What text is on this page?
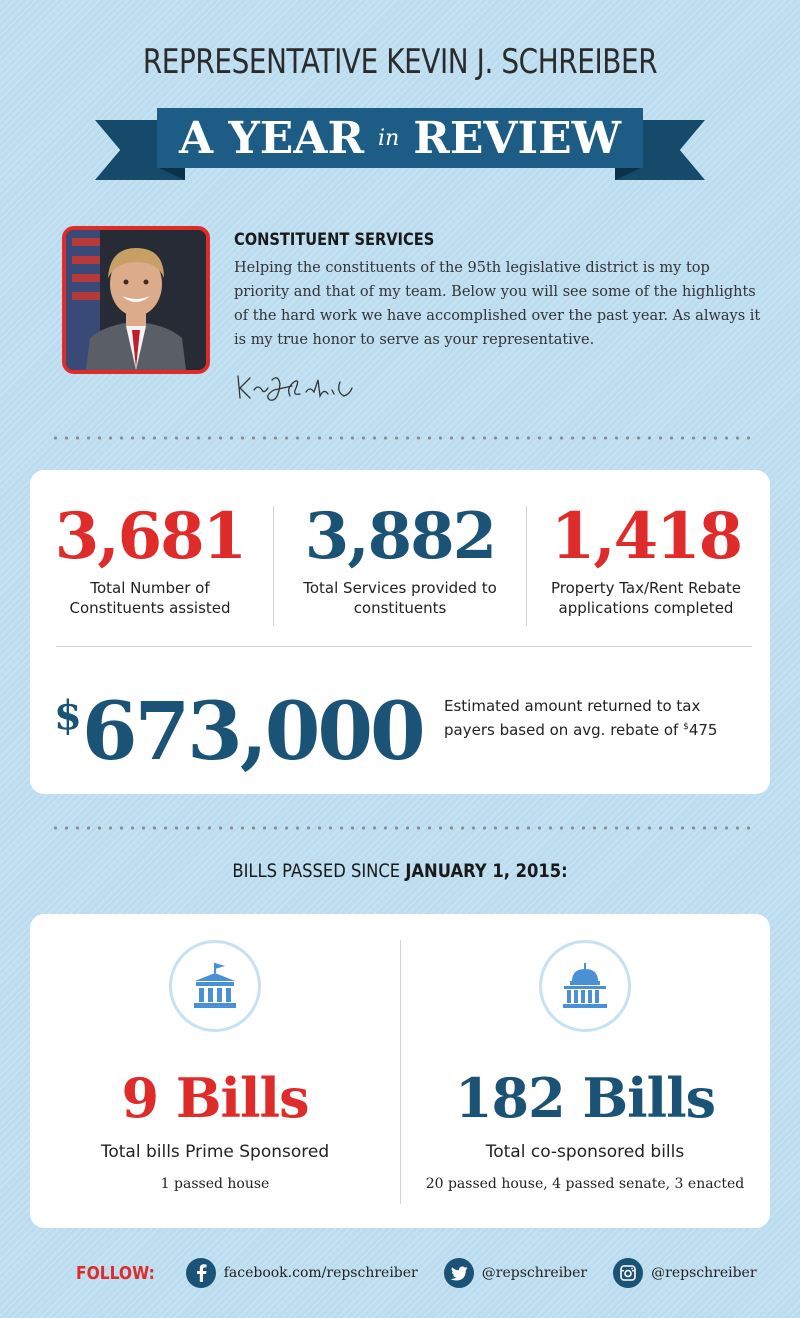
REPRESENTATIVE KEVIN J. SCHREIBER
A YEAR in REVIEW
CONSTITUENT SERVICES
Helping the constituents of the 95th legislative district is my top priority and that of my team. Below you will see some of the highlights of the hard work we have accomplished over the past year. As always it is my true honor to serve as your representative.
3,681
Total Number of Constituents assisted
3,882
Total Services provided to constituents
1,418
Property Tax/Rent Rebate applications completed
$673,000 Estimated amount returned to tax payers based on avg. rebate of $475
BILLS PASSED SINCE JANUARY 1, 2015:
9 Bills
Total bills Prime Sponsored
1 passed house
182 Bills
Total co-sponsored bills
20 passed house, 4 passed senate, 3 enacted
FOLLOW:	facebook.com/repschreiber	@repschreiber	@repschreiber
